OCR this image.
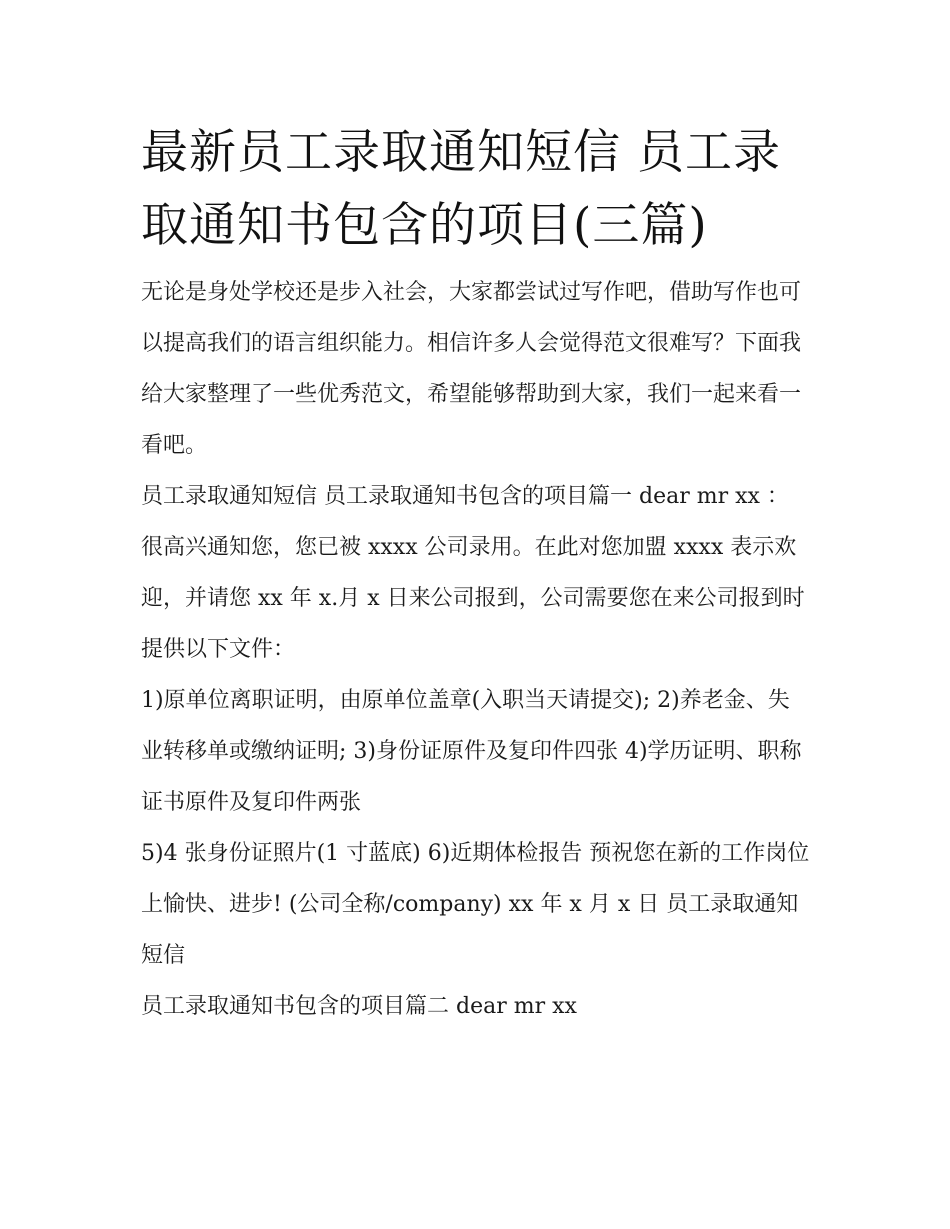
最新员工录取通知短信 员工录取通知书包含的项目(三篇)

无论是身处学校还是步入社会，大家都尝试过写作吧，借助写作也可以提高我们的语言组织能力。相信许多人会觉得范文很难写？下面我给大家整理了一些优秀范文，希望能够帮助到大家，我们一起来看一看吧。

员工录取通知短信 员工录取通知书包含的项目篇一 dear mr xx ：

很高兴通知您，您已被 xxxx 公司录用。在此对您加盟 xxxx 表示欢迎，并请您 xx 年 x.月 x 日来公司报到，公司需要您在来公司报到时提供以下文件：

1)原单位离职证明，由原单位盖章(入职当天请提交); 2)养老金、失业转移单或缴纳证明; 3)身份证原件及复印件四张 4)学历证明、职称证书原件及复印件两张

5)4 张身份证照片(1 寸蓝底) 6)近期体检报告 预祝您在新的工作岗位上愉快、进步! (公司全称/company) xx 年 x 月 x 日 员工录取通知短信

员工录取通知书包含的项目篇二 dear mr xx
